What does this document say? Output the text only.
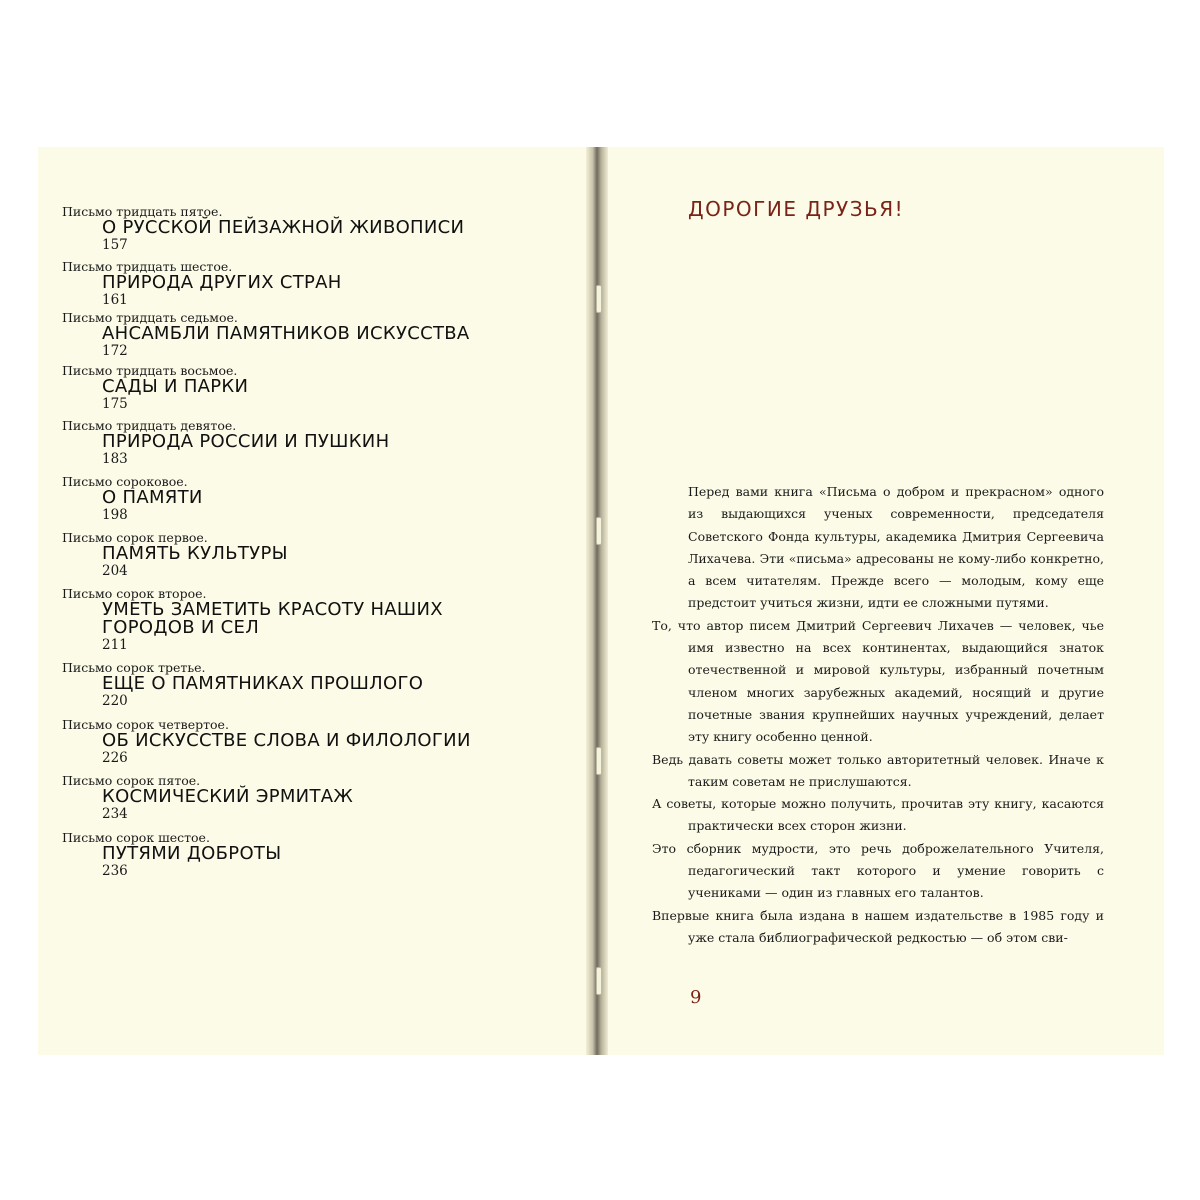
Письмо тридцать пятое.
О РУССКОЙ ПЕЙЗАЖНОЙ ЖИВОПИСИ
157
Письмо тридцать шестое.
ПРИРОДА ДРУГИХ СТРАН
161
Письмо тридцать седьмое.
АНСАМБЛИ ПАМЯТНИКОВ ИСКУССТВА
172
Письмо тридцать восьмое.
САДЫ И ПАРКИ
175
Письмо тридцать девятое.
ПРИРОДА РОССИИ И ПУШКИН
183
Письмо сороковое.
О ПАМЯТИ
198
Письмо сорок первое.
ПАМЯТЬ КУЛЬТУРЫ
204
Письмо сорок второе.
УМЕТЬ ЗАМЕТИТЬ КРАСОТУ НАШИХ ГОРОДОВ И СЕЛ
211
Письмо сорок третье.
ЕЩЕ О ПАМЯТНИКАХ ПРОШЛОГО
220
Письмо сорок четвертое.
ОБ ИСКУССТВЕ СЛОВА И ФИЛОЛОГИИ
226
Письмо сорок пятое.
КОСМИЧЕСКИЙ ЭРМИТАЖ
234
Письмо сорок шестое.
ПУТЯМИ ДОБРОТЫ
236
ДОРОГИЕ ДРУЗЬЯ!

Перед вами книга «Письма о добром и прекрасном» одного из выдающихся ученых современности, председателя Советского Фонда культуры, академика Дмитрия Сергеевича Лихачева. Эти «письма» адресованы не кому-либо конкретно, а всем читателям. Прежде всего — молодым, кому еще предстоит учиться жизни, идти ее сложными путями.

То, что автор писем Дмитрий Сергеевич Лихачев — человек, чье имя известно на всех континентах, выдающийся знаток отечественной и мировой культуры, избранный почетным членом многих зарубежных академий, носящий и другие почетные звания крупнейших научных учреждений, делает эту книгу особенно ценной.

Ведь давать советы может только авторитетный человек. Иначе к таким советам не прислушаются.

А советы, которые можно получить, прочитав эту книгу, касаются практически всех сторон жизни.

Это сборник мудрости, это речь доброжелательного Учителя, педагогический такт которого и умение говорить с учениками — один из главных его талантов.

Впервые книга была издана в нашем издательстве в 1985 году и уже стала библиографической редкостью — об этом сви-

9
